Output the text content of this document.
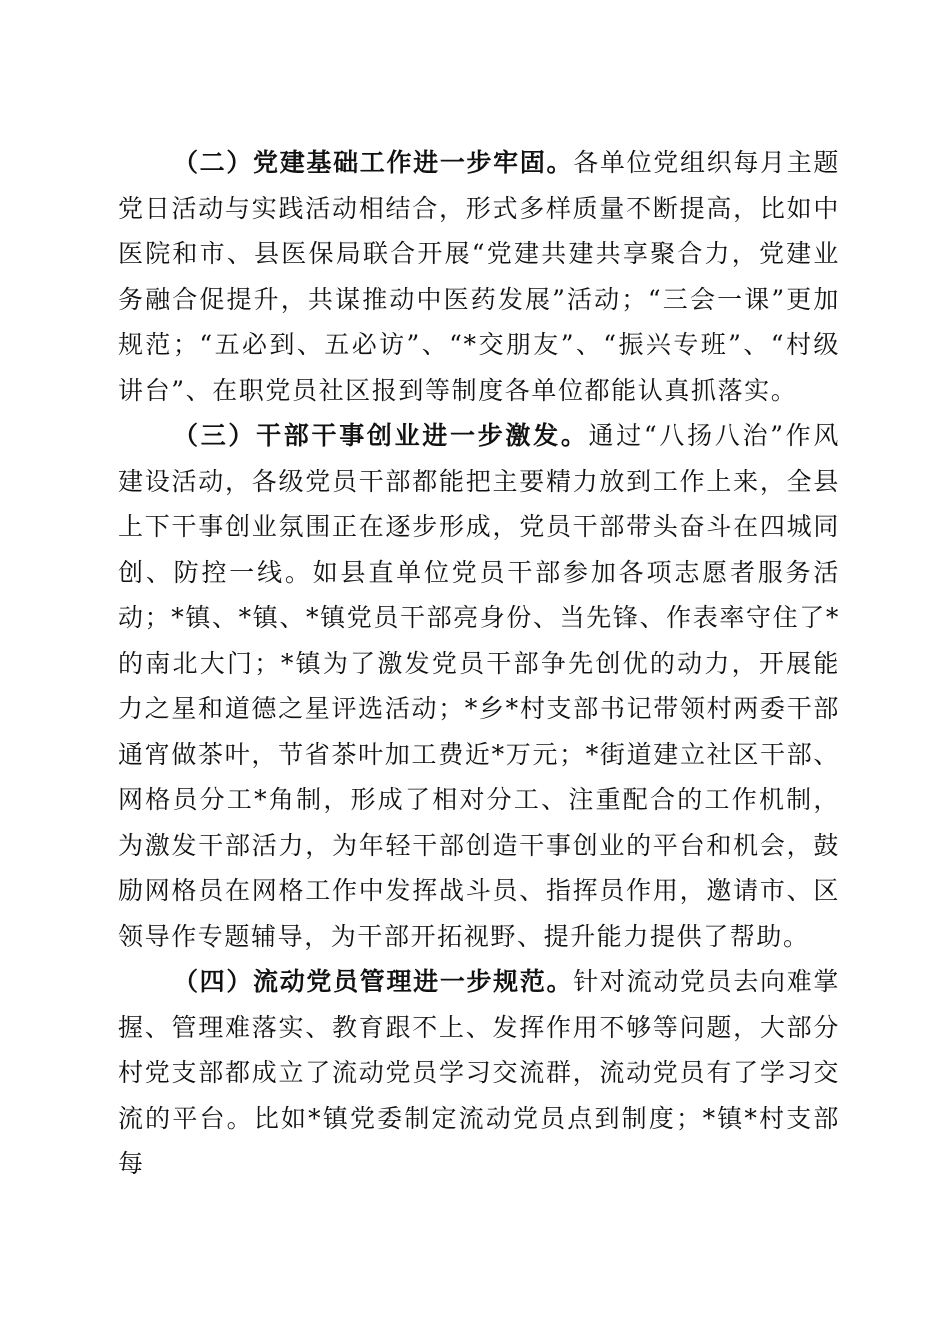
（二）党建基础工作进一步牢固。各单位党组织每月主题党日活动与实践活动相结合，形式多样质量不断提高，比如中医院和市、县医保局联合开展“党建共建共享聚合力，党建业务融合促提升，共谋推动中医药发展”活动；“三会一课”更加规范；“五必到、五必访”、“*交朋友”、“振兴专班”、“村级讲台”、在职党员社区报到等制度各单位都能认真抓落实。

（三）干部干事创业进一步激发。通过“八扬八治”作风建设活动，各级党员干部都能把主要精力放到工作上来，全县上下干事创业氛围正在逐步形成，党员干部带头奋斗在四城同创、防控一线。如县直单位党员干部参加各项志愿者服务活动；*镇、*镇、*镇党员干部亮身份、当先锋、作表率守住了*的南北大门；*镇为了激发党员干部争先创优的动力，开展能力之星和道德之星评选活动；*乡*村支部书记带领村两委干部通宵做茶叶，节省茶叶加工费近*万元；*街道建立社区干部、网格员分工*角制，形成了相对分工、注重配合的工作机制，为激发干部活力，为年轻干部创造干事创业的平台和机会，鼓励网格员在网格工作中发挥战斗员、指挥员作用，邀请市、区领导作专题辅导，为干部开拓视野、提升能力提供了帮助。

（四）流动党员管理进一步规范。针对流动党员去向难掌握、管理难落实、教育跟不上、发挥作用不够等问题，大部分村党支部都成立了流动党员学习交流群，流动党员有了学习交流的平台。比如*镇党委制定流动党员点到制度；*镇*村支部每
